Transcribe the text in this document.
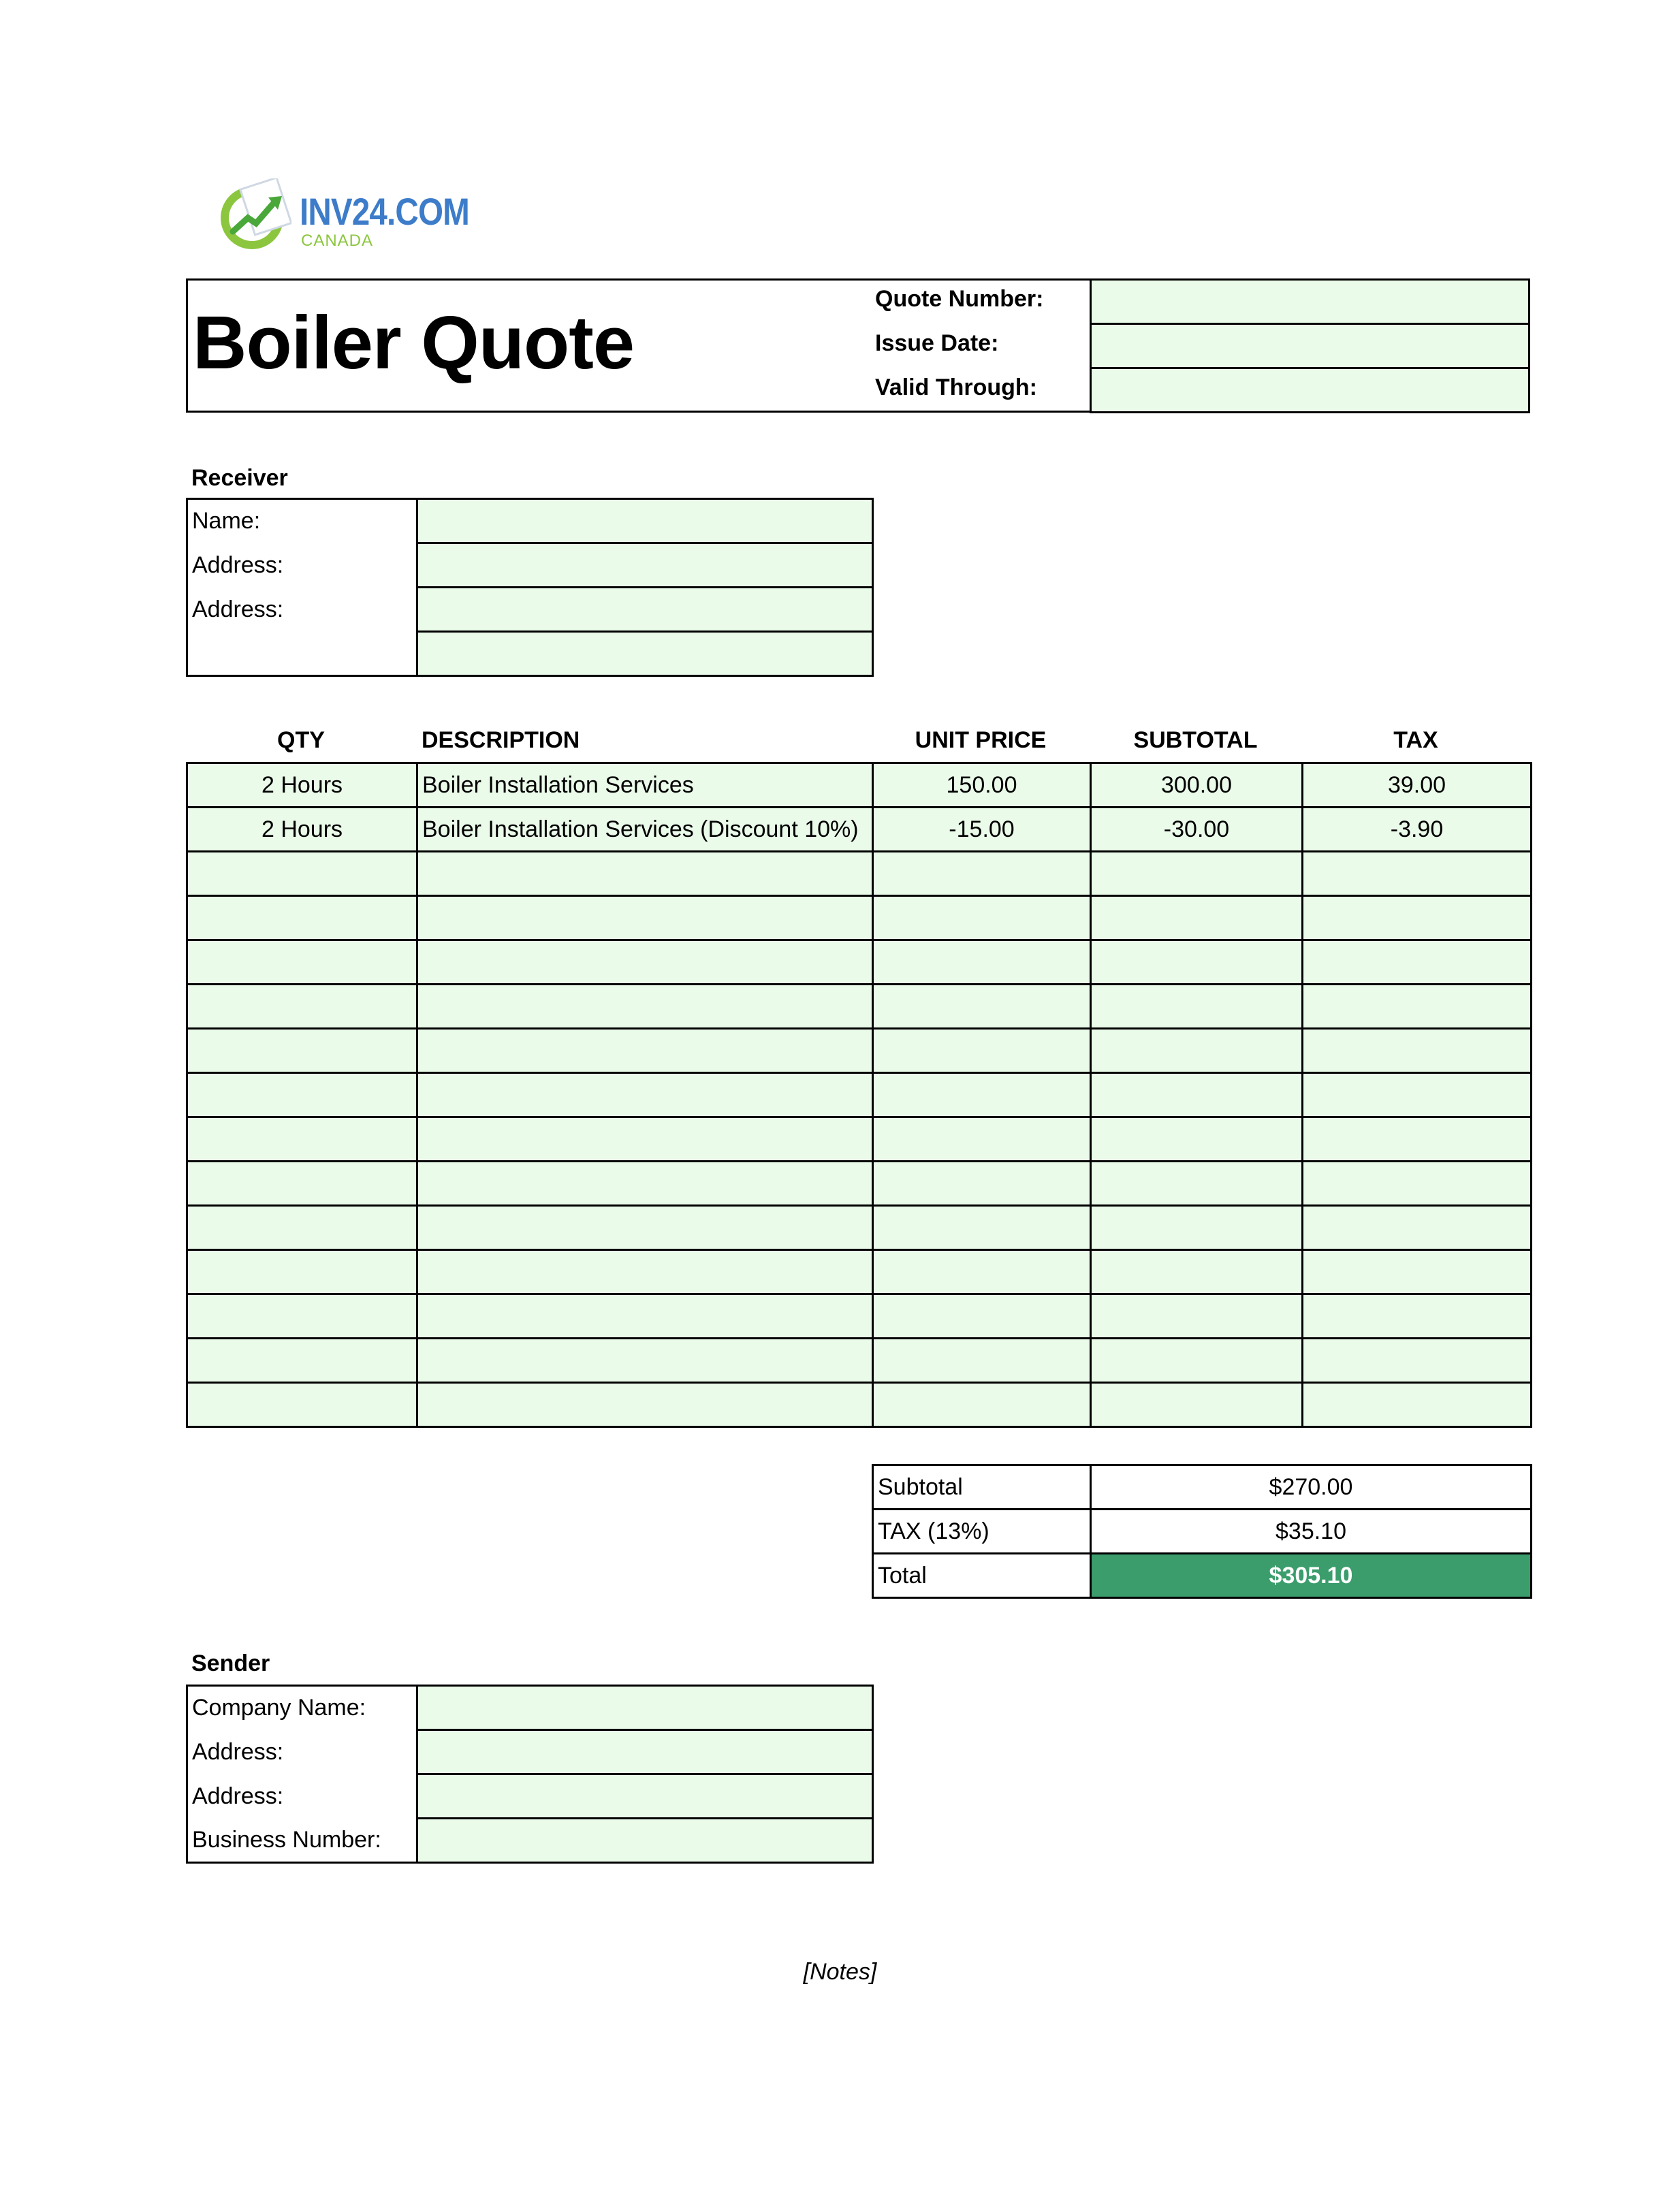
INV24.COM
CANADA
Boiler Quote
Quote Number:
Issue Date:
Valid Through:

Receiver
Name:	
Address:	
Address:	

QTY	DESCRIPTION	UNIT PRICE	SUBTOTAL	TAX
2 Hours	Boiler Installation Services	150.00	300.00	39.00
2 Hours	Boiler Installation Services (Discount 10%)	-15.00	-30.00	-3.90

Subtotal	$270.00
TAX (13%)	$35.10
Total	$305.10
Sender
Company Name:	
Address:	
Address:	
Business Number:	
[Notes]
